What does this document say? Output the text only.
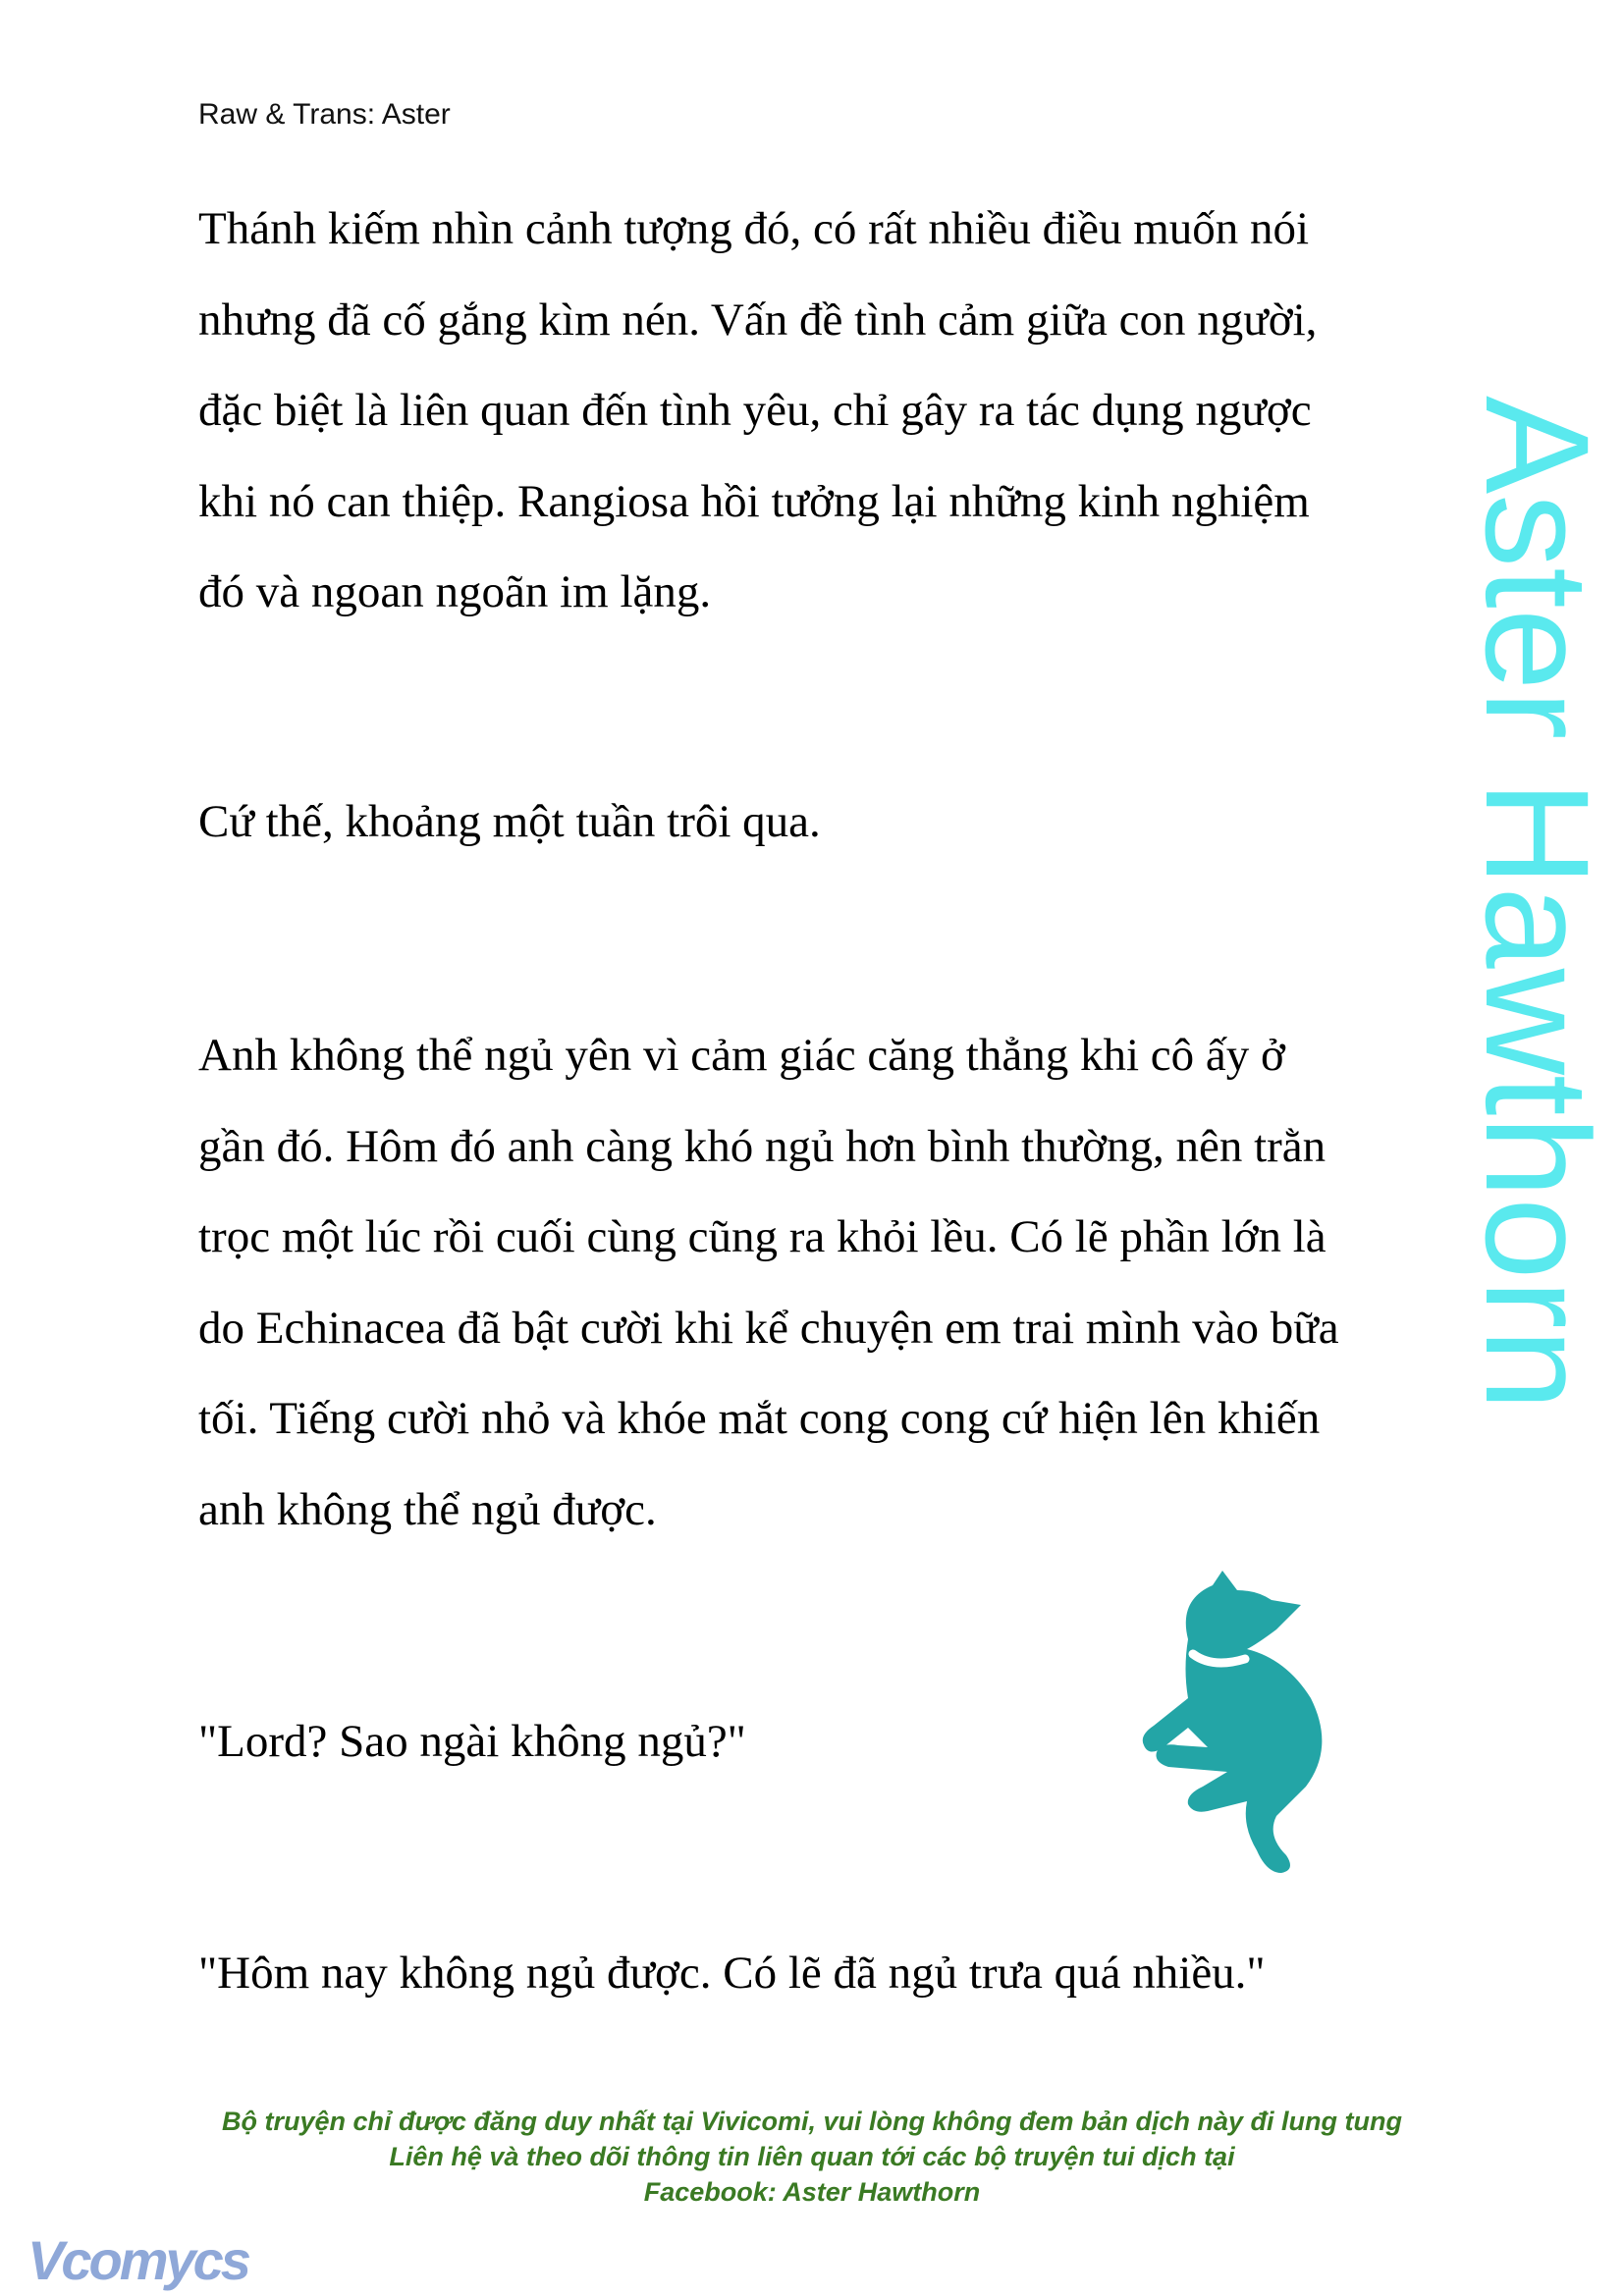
Raw & Trans: Aster
Thánh kiếm nhìn cảnh tượng đó, có rất nhiều điều muốn nói
nhưng đã cố gắng kìm nén. Vấn đề tình cảm giữa con người,
đặc biệt là liên quan đến tình yêu, chỉ gây ra tác dụng ngược
khi nó can thiệp. Rangiosa hồi tưởng lại những kinh nghiệm
đó và ngoan ngoãn im lặng.
Cứ thế, khoảng một tuần trôi qua.
Anh không thể ngủ yên vì cảm giác căng thẳng khi cô ấy ở
gần đó. Hôm đó anh càng khó ngủ hơn bình thường, nên trằn
trọc một lúc rồi cuối cùng cũng ra khỏi lều. Có lẽ phần lớn là
do Echinacea đã bật cười khi kể chuyện em trai mình vào bữa
tối. Tiếng cười nhỏ và khóe mắt cong cong cứ hiện lên khiến
anh không thể ngủ được.
"Lord? Sao ngài không ngủ?"
"Hôm nay không ngủ được. Có lẽ đã ngủ trưa quá nhiều."
Aster Hawthorn
Bộ truyện chỉ được đăng duy nhất tại Vivicomi, vui lòng không đem bản dịch này đi lung tung
Liên hệ và theo dõi thông tin liên quan tới các bộ truyện tui dịch tại
Facebook: Aster Hawthorn
Vcomycs
